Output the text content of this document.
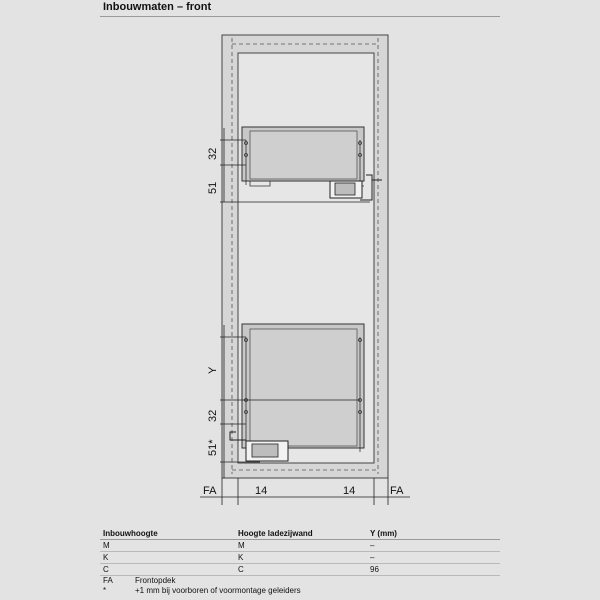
Inbouwmaten – front
32
51
Y
32
51*
FA	14	14	FA
Inbouwhoogte	Hoogte ladezijwand	Y (mm)
M	M	–
K	K	–
C	C	96
FA	Frontopdek
*	+1 mm bij voorboren of voormontage geleiders
